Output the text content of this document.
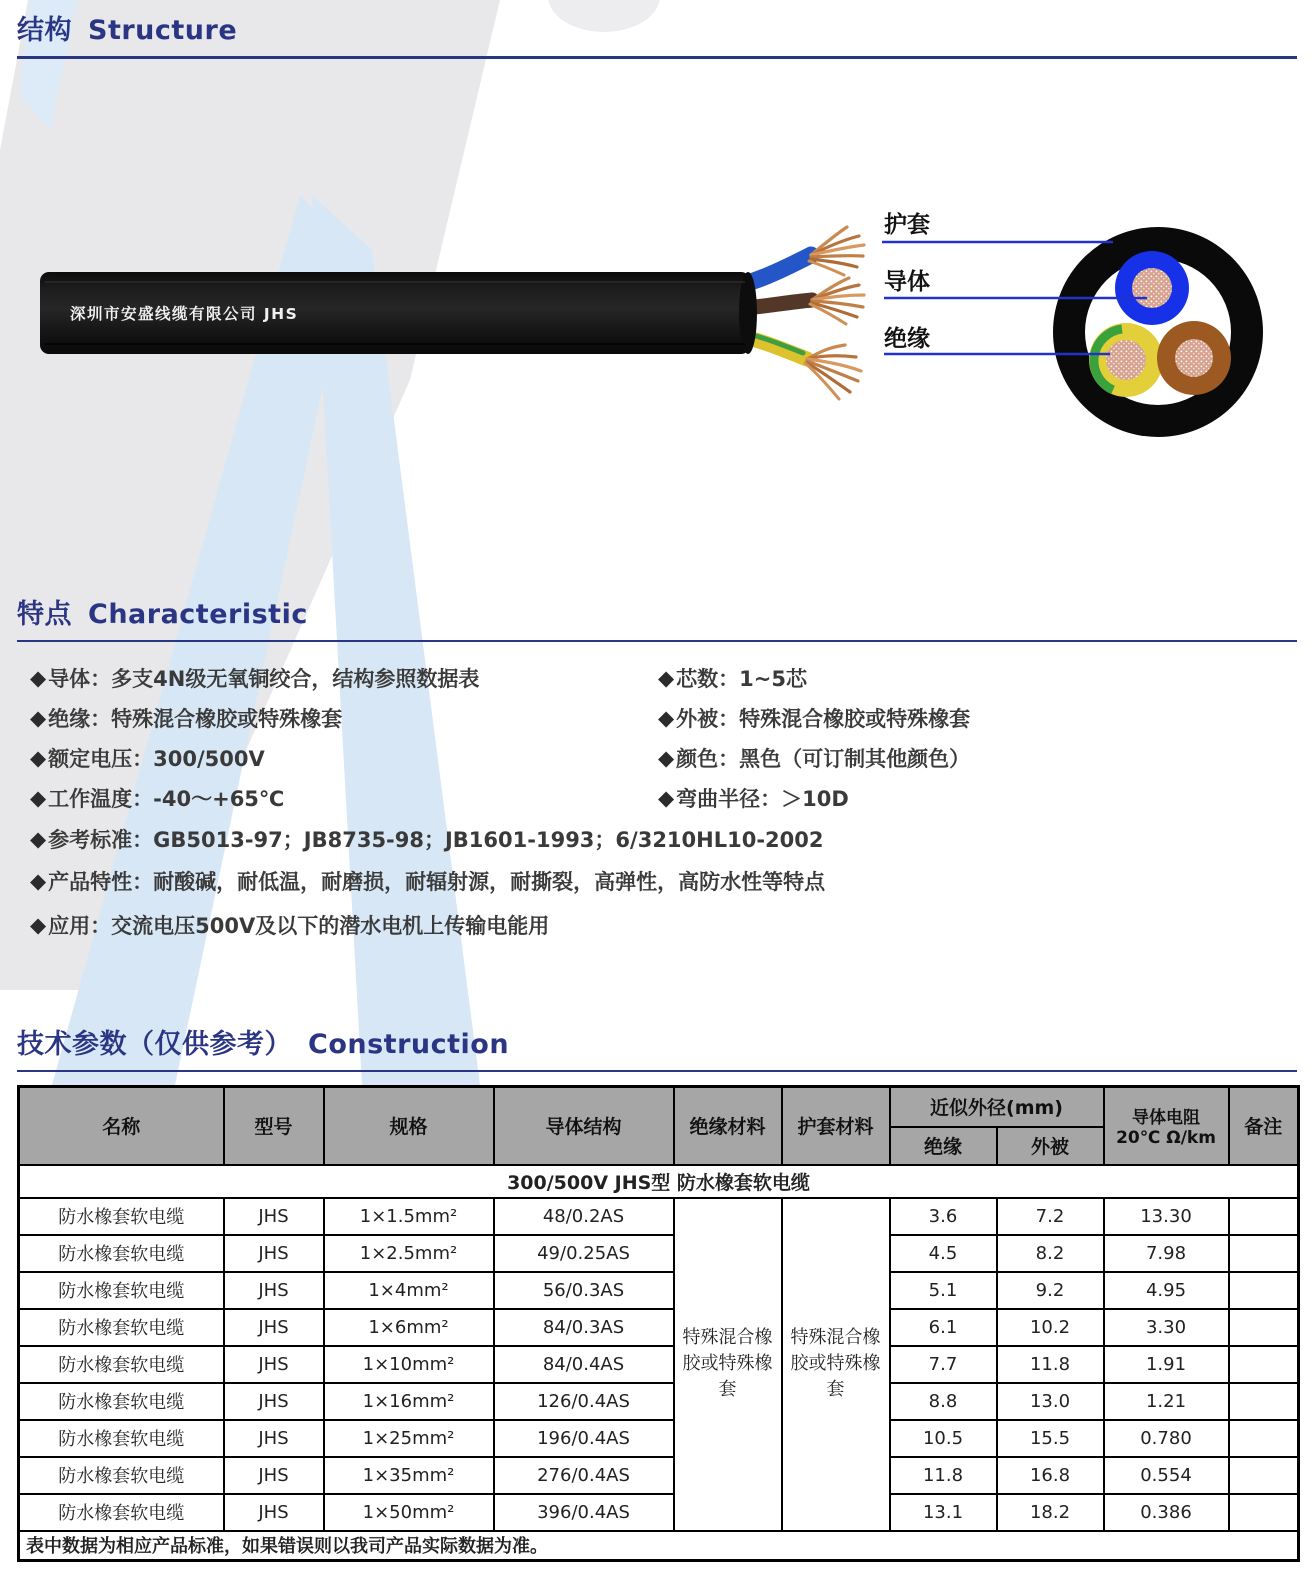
结构 Structure
深圳市安盛线缆有限公司 JHS
护套
导体
绝缘
特点 Characteristic
◆ 导体：多支4N级无氧铜绞合，结构参照数据表	◆ 芯数：1~5芯
◆ 绝缘：特殊混合橡胶或特殊橡套	◆ 外被：特殊混合橡胶或特殊橡套
◆ 额定电压：300/500V	◆ 颜色：黑色（可订制其他颜色）
◆ 工作温度：-40～+65℃	◆ 弯曲半径：＞10D
◆ 参考标准：GB5013-97；JB8735-98；JB1601-1993；6/3210HL10-2002
◆ 产品特性：耐酸碱，耐低温，耐磨损，耐辐射源，耐撕裂，高弹性，高防水性等特点
◆ 应用：交流电压500V及以下的潜水电机上传输电能用
技术参数（仅供参考） Construction
名称	型号	规格	导体结构	绝缘材料	护套材料	近似外径(mm)		导体电阻
20℃ Ω/km	备注
						绝缘	外被		
300/500V JHS型 防水橡套软电缆									
防水橡套软电缆	JHS	1×1.5mm²	48/0.2AS	特殊混合橡胶或特殊橡套	特殊混合橡胶或特殊橡套	3.6	7.2	13.30	
防水橡套软电缆	JHS	1×2.5mm²	49/0.25AS			4.5	8.2	7.98	
防水橡套软电缆	JHS	1×4mm²	56/0.3AS			5.1	9.2	4.95	
防水橡套软电缆	JHS	1×6mm²	84/0.3AS			6.1	10.2	3.30	
防水橡套软电缆	JHS	1×10mm²	84/0.4AS			7.7	11.8	1.91	
防水橡套软电缆	JHS	1×16mm²	126/0.4AS			8.8	13.0	1.21	
防水橡套软电缆	JHS	1×25mm²	196/0.4AS			10.5	15.5	0.780	
防水橡套软电缆	JHS	1×35mm²	276/0.4AS			11.8	16.8	0.554	
防水橡套软电缆	JHS	1×50mm²	396/0.4AS			13.1	18.2	0.386	
表中数据为相应产品标准，如果错误则以我司产品实际数据为准。									
